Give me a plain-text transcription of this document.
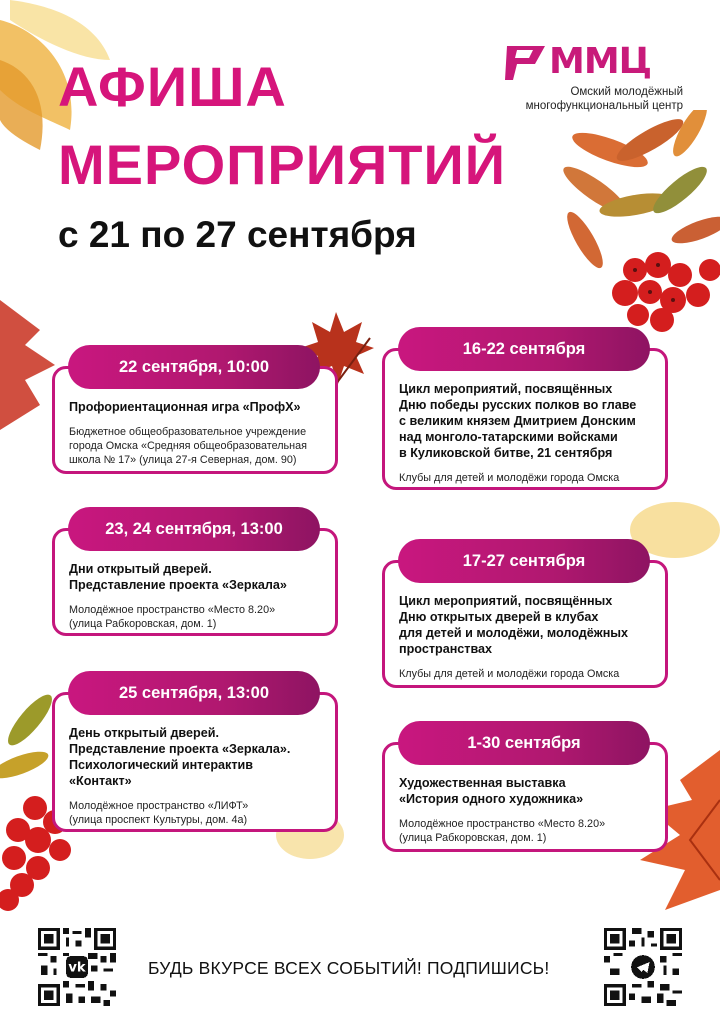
АФИША
МЕРОПРИЯТИЙ
с 21 по 27 сентября
ММЦ
Омский молодёжный
многофункциональный центр
Профориентационная игра «ПрофХ»
Бюджетное общеобразовательное учреждение
города Омска «Средняя общеобразовательная
школа № 17» (улица 27-я Северная, дом. 90)
22 сентября, 10:00
Дни открытый дверей.
Представление проекта «Зеркала»
Молодёжное пространство «Место 8.20»
(улица Рабкоровская, дом. 1)
23, 24 сентября, 13:00
День открытый дверей.
Представление проекта «Зеркала».
Психологический интерактив
«Контакт»
Молодёжное пространство «ЛИФТ»
(улица проспект Культуры, дом. 4а)
25 сентября, 13:00
Цикл мероприятий, посвящённых
Дню победы русских полков во главе
с великим князем Дмитрием Донским
над монголо-татарскими войсками
в Куликовской битве, 21 сентября
Клубы для детей и молодёжи города Омска
16-22 сентября
Цикл мероприятий, посвящённых
Дню открытых дверей в клубах
для детей и молодёжи, молодёжных
пространствах
Клубы для детей и молодёжи города Омска
17-27 сентября
Художественная выставка
«История одного художника»
Молодёжное пространство «Место 8.20»
(улица Рабкоровская, дом. 1)
1-30 сентября
vk	БУДЬ ВКУРСЕ ВСЕХ СОБЫТИЙ! ПОДПИШИСЬ!
